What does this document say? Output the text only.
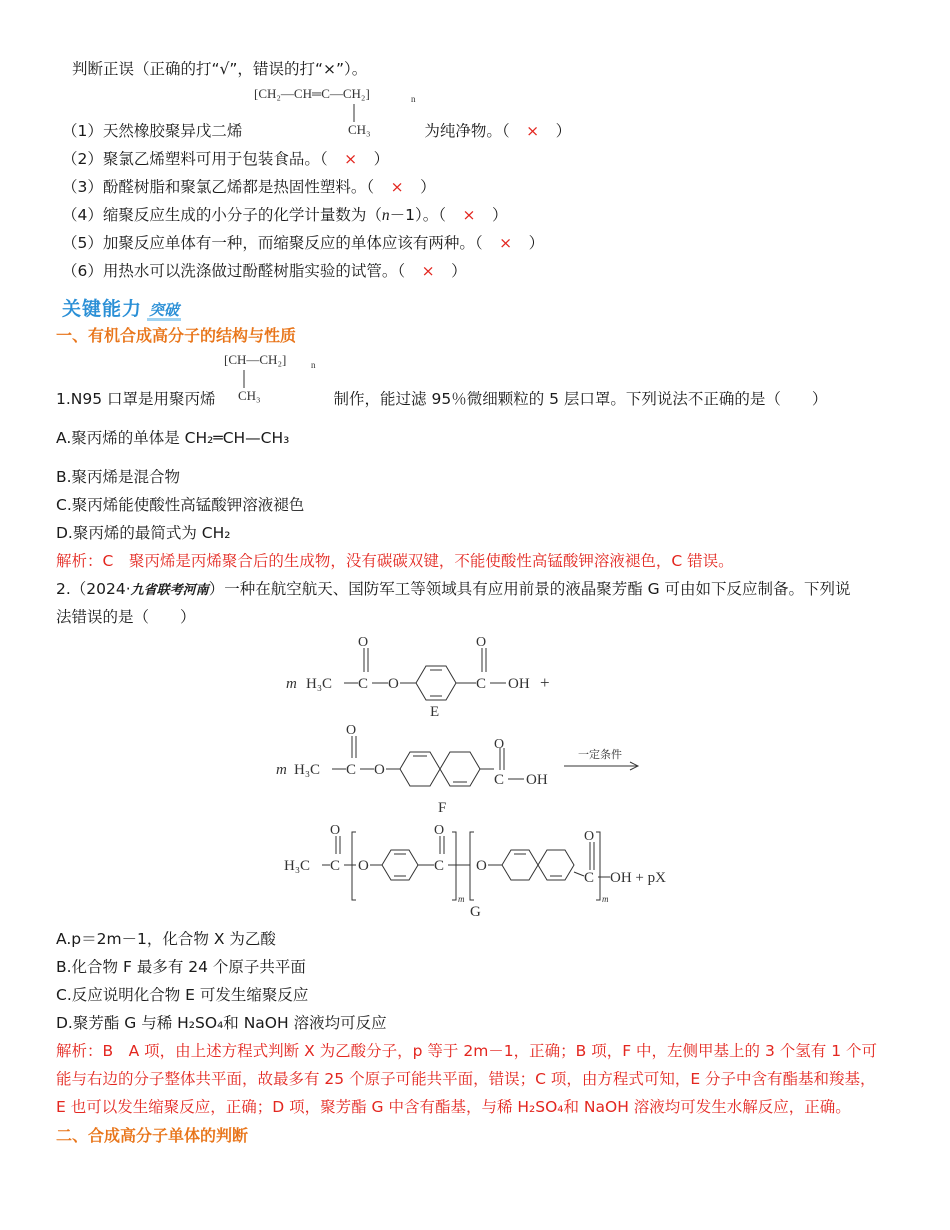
判断正误（正确的打“√”，错误的打“×”）。
[CH₂—CH═C—CH₂]	n
CH₃
（1）天然橡胶聚异戊二烯	为纯净物。（ × ）
（2）聚氯乙烯塑料可用于包装食品。（ × ）
（3）酚醛树脂和聚氯乙烯都是热固性塑料。（ × ）
（4）缩聚反应生成的小分子的化学计量数为（n－1）。（ × ）
（5）加聚反应单体有一种，而缩聚反应的单体应该有两种。（ × ）
（6）用热水可以洗涤做过酚醛树脂实验的试管。（ × ）
关键能力 突破
一、有机合成高分子的结构与性质
[CH—CH₂]	n
CH₃
1.N95 口罩是用聚丙烯	制作，能过滤 95％微细颗粒的 5 层口罩。下列说法不正确的是（　　）
A.聚丙烯的单体是 CH₂═CH—CH₃
B.聚丙烯是混合物
C.聚丙烯能使酸性高锰酸钾溶液褪色
D.聚丙烯的最简式为 CH₂
解析：C　聚丙烯是丙烯聚合后的生成物，没有碳碳双键，不能使酸性高锰酸钾溶液褪色，C 错误。
2.（2024·九省联考河南）一种在航空航天、国防军工等领域具有应用前景的液晶聚芳酯 G 可由如下反应制备。下列说
法错误的是（　　）
m H₃C C
O
O
E
C
O
OH +
m H₃C C
O
O
F
C
O
OH
一定条件
H₃C C
O
O	C
O
m
O
G
C
O
m
OH + pX
A.p＝2m－1，化合物 X 为乙酸
B.化合物 F 最多有 24 个原子共平面
C.反应说明化合物 E 可发生缩聚反应
D.聚芳酯 G 与稀 H₂SO₄和 NaOH 溶液均可反应
解析：B　A 项，由上述方程式判断 X 为乙酸分子，p 等于 2m－1，正确；B 项，F 中，左侧甲基上的 3 个氢有 1 个可
能与右边的分子整体共平面，故最多有 25 个原子可能共平面，错误；C 项，由方程式可知，E 分子中含有酯基和羧基，
E 也可以发生缩聚反应，正确；D 项，聚芳酯 G 中含有酯基，与稀 H₂SO₄和 NaOH 溶液均可发生水解反应，正确。
二、合成高分子单体的判断
